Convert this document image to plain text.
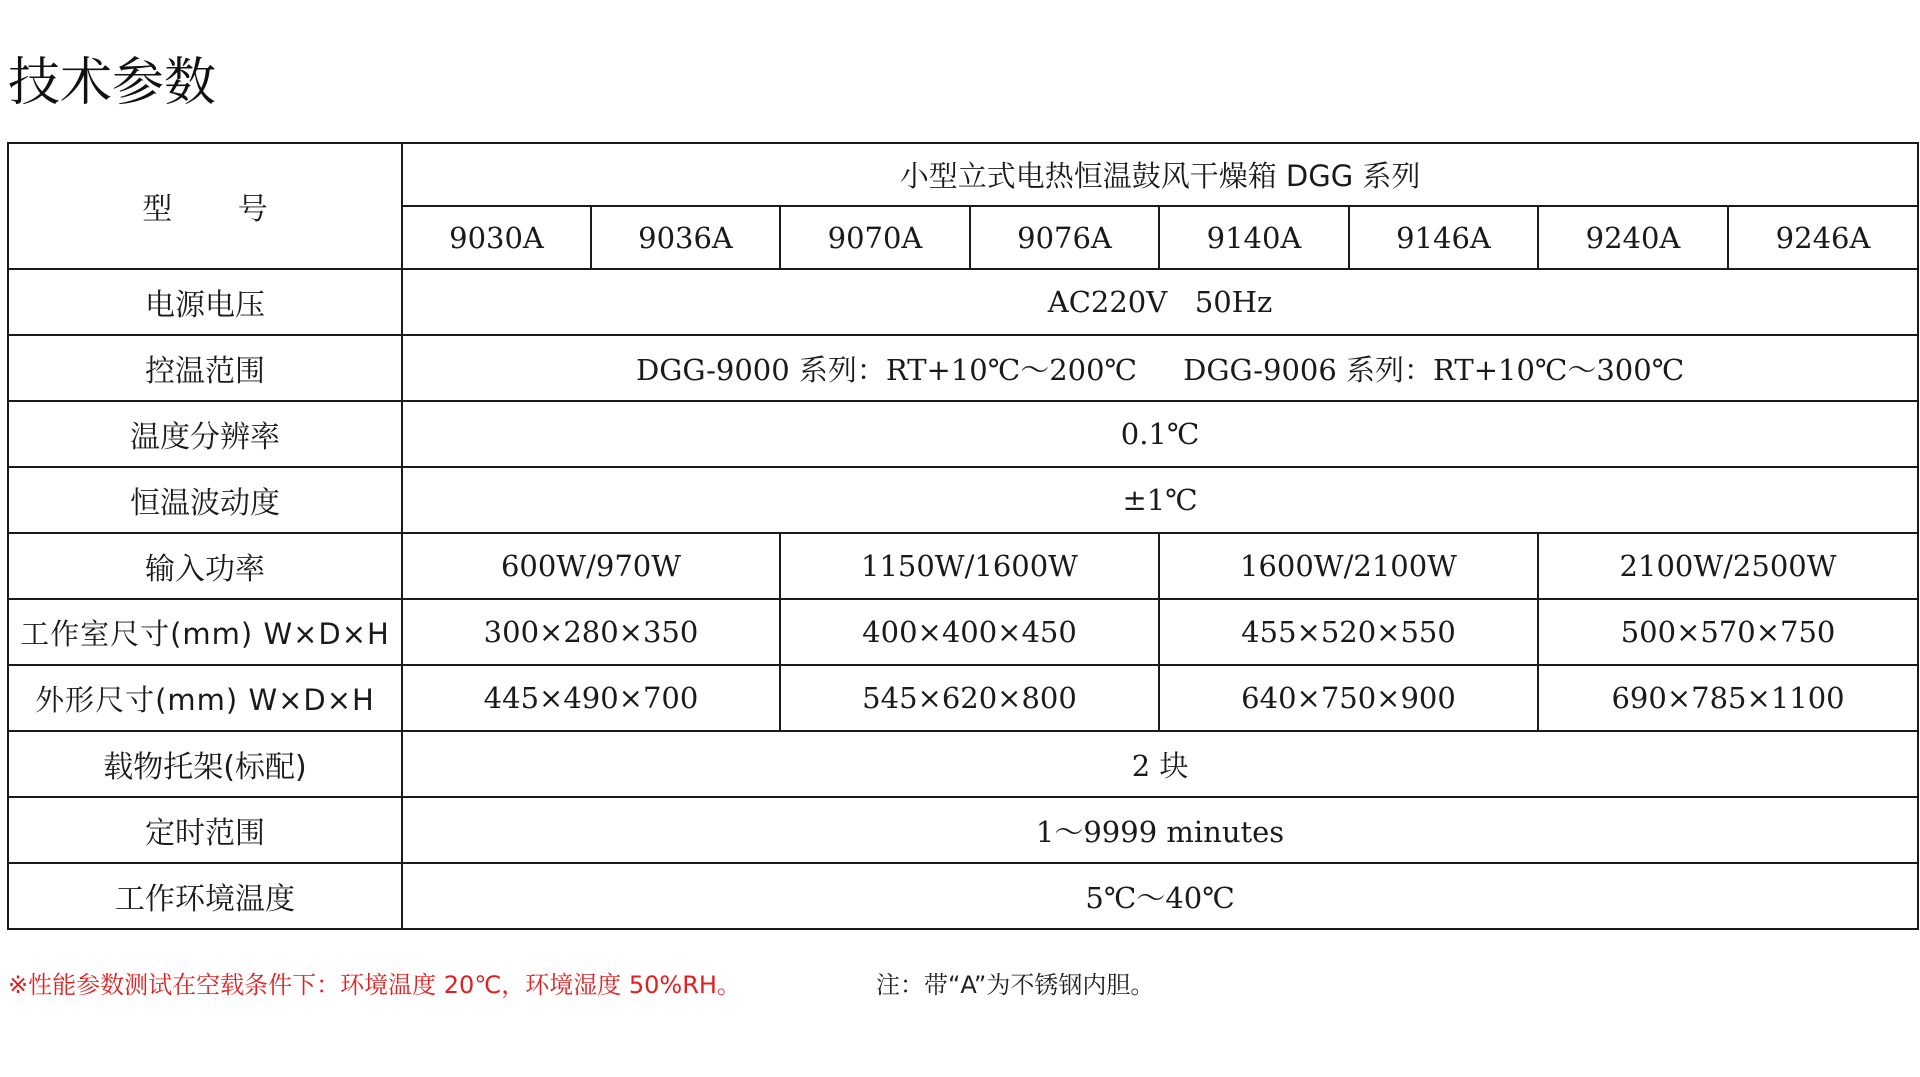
技术参数
型 号	小型立式电热恒温鼓风干燥箱 DGG 系列							
	9030A	9036A	9070A	9076A	9140A	9146A	9240A	9246A
电源电压	AC220V   50Hz							
控温范围	DGG-9000 系列：RT+10℃～200℃     DGG-9006 系列：RT+10℃～300℃							
温度分辨率	0.1℃							
恒温波动度	±1℃							
输入功率	600W/970W		1150W/1600W		1600W/2100W		2100W/2500W	
工作室尺寸(mm) W×D×H	300×280×350		400×400×450		455×520×550		500×570×750	
外形尺寸(mm) W×D×H	445×490×700		545×620×800		640×750×900		690×785×1100	
载物托架(标配)	2 块							
定时范围	1～9999 minutes							
工作环境温度	5℃～40℃							
※性能参数测试在空载条件下：环境温度 20℃，环境湿度 50%RH。	注：带“A”为不锈钢内胆。
